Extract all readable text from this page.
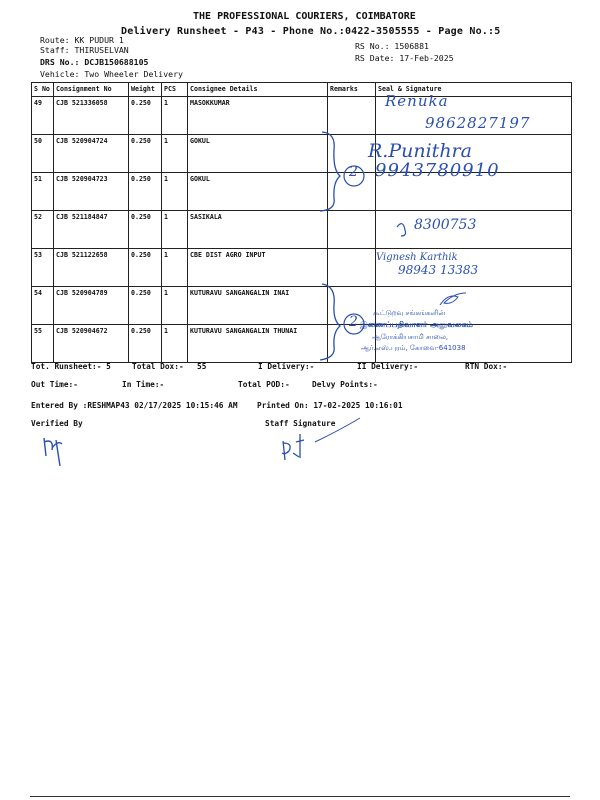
THE PROFESSIONAL COURIERS, COIMBATORE
Delivery Runsheet - P43 - Phone No.:0422-3505555 - Page No.:5
Route: KK PUDUR 1
Staff: THIRUSELVAN
DRS No.: DCJB150688105
Vehicle: Two Wheeler Delivery
RS No.: 1506881
RS Date: 17-Feb-2025
S No	Consignment No	Weight	PCS	Consignee Details	Remarks	Seal & Signature
49	CJB 521336058	0.250	1	MASOKKUMAR		
50	CJB 520904724	0.250	1	GOKUL		
51	CJB 520904723	0.250	1	GOKUL		
52	CJB 521184847	0.250	1	SASIKALA		
53	CJB 521122658	0.250	1	CBE DIST AGRO INPUT		
54	CJB 520904789	0.250	1	KUTURAVU SANGANGALIN INAI		
55	CJB 520904672	0.250	1	KUTURAVU SANGANGALIN THUNAI		
Renuka
9862827197
R.Punithra
9943780910
2
8300753
Vignesh Karthik
98943 13383
2
கூட்டுறவு சங்கங்களின்
இணைப்பதிவாளர் அலுவலகம்
ஆரோக்கியசாமி சாலை,
ஆர்.எஸ்.புரம், கோவை-641038
Tot. Runsheet:- 5	Total Dox:- 55	I Delivery:-	II Delivery:-	RTN Dox:-
Out Time:-	In Time:-	Total POD:-	Delvy Points:-
Entered By :RESHMAP43 02/17/2025 10:15:46 AM Printed On: 17-02-2025 10:16:01
Verified By	Staff Signature
